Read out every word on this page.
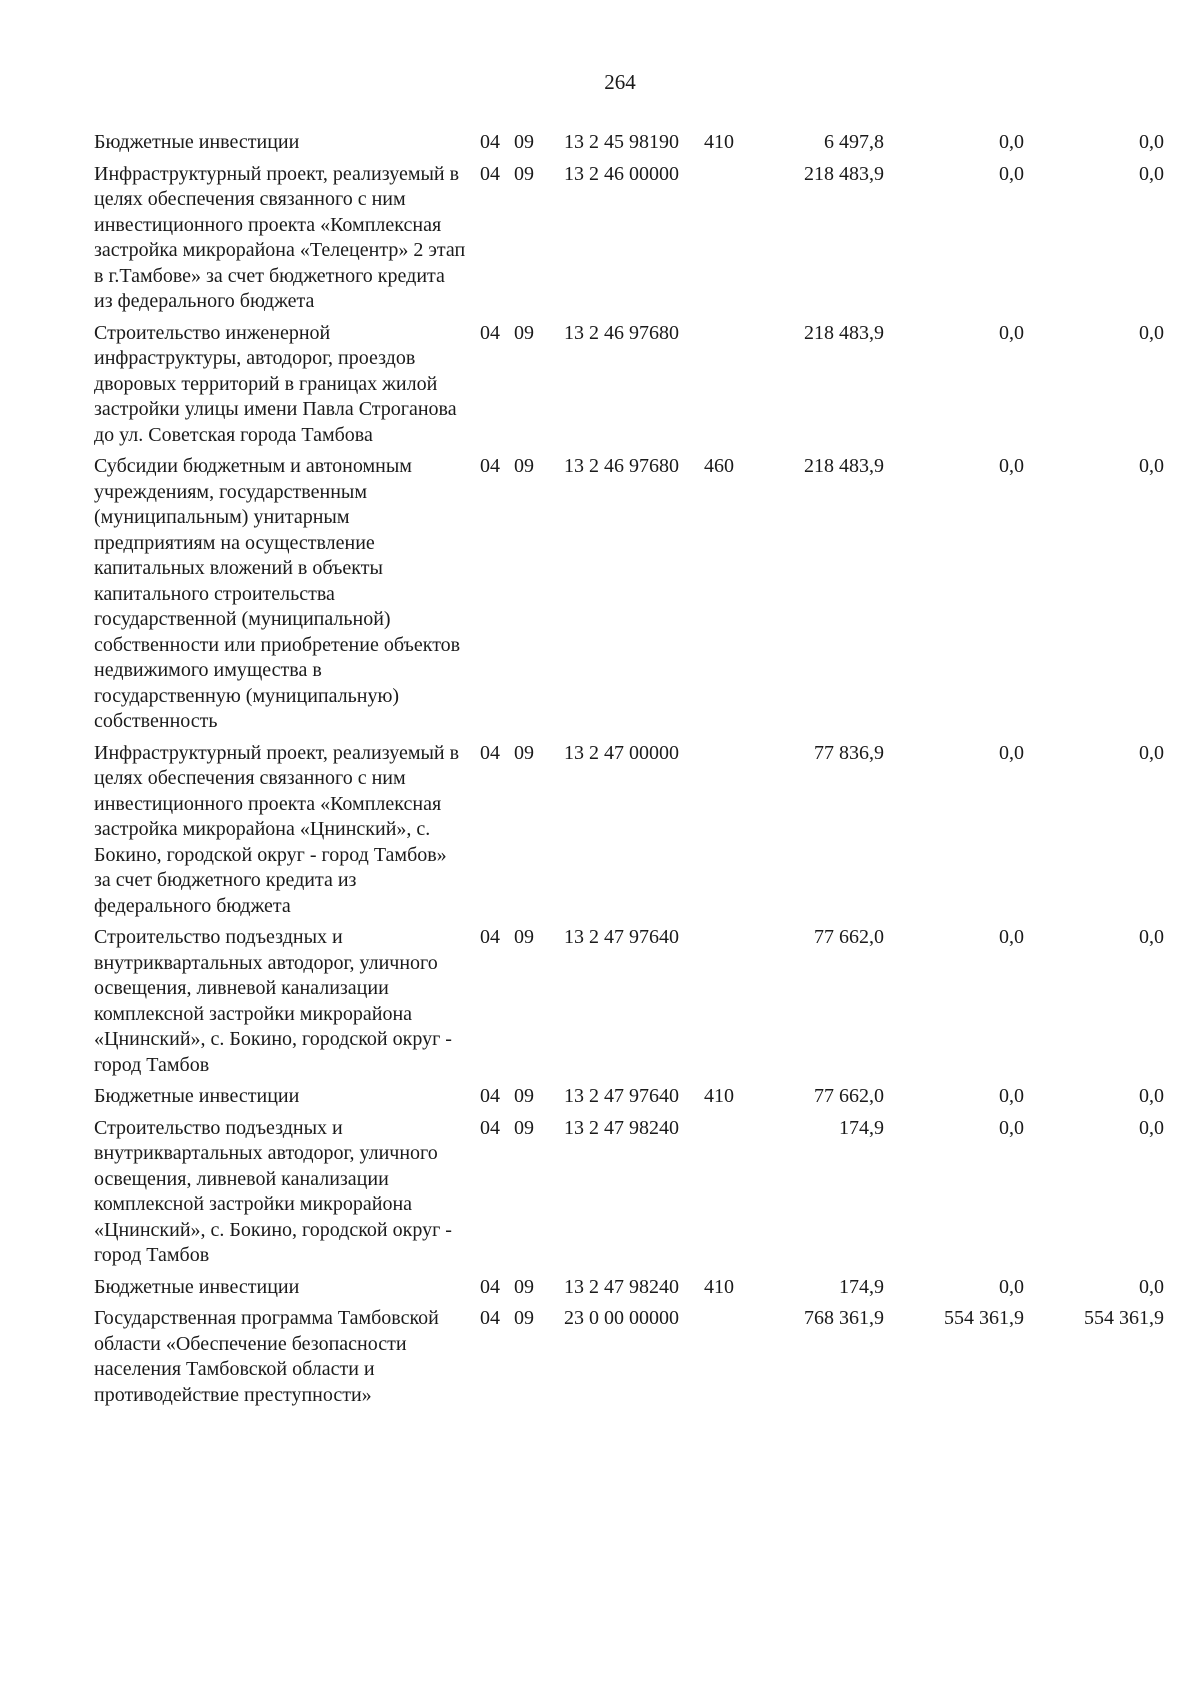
264
Бюджетные инвестиции	04 09 13 2 45 98190 410	6 497,8	0,0	0,0
Инфраструктурный проект, реализуемый в целях обеспечения связанного с ним инвестиционного проекта «Комплексная застройка микрорайона «Телецентр» 2 этап в г.Тамбове» за счет бюджетного кредита из федерального бюджета
04 09 13 2 46 00000	218 483,9	0,0	0,0
Строительство инженерной инфраструктуры, автодорог, проездов дворовых территорий в границах жилой застройки улицы имени Павла Строганова до ул. Советская города Тамбова
04 09 13 2 46 97680	218 483,9	0,0	0,0
Субсидии бюджетным и автономным учреждениям, государственным (муниципальным) унитарным предприятиям на осуществление капитальных вложений в объекты капитального строительства государственной (муниципальной) собственности или приобретение объектов недвижимого имущества в государственную (муниципальную) собственность
04 09 13 2 46 97680 460	218 483,9	0,0	0,0
Инфраструктурный проект, реализуемый в целях обеспечения связанного с ним инвестиционного проекта «Комплексная застройка микрорайона «Цнинский», с. Бокино, городской округ - город Тамбов» за счет бюджетного кредита из федерального бюджета
04 09 13 2 47 00000	77 836,9	0,0	0,0
Строительство подъездных и внутриквартальных автодорог, уличного освещения, ливневой канализации комплексной застройки микрорайона «Цнинский», с. Бокино, городской округ - город Тамбов
04 09 13 2 47 97640	77 662,0	0,0	0,0
Бюджетные инвестиции	04 09 13 2 47 97640 410	77 662,0	0,0	0,0
Строительство подъездных и внутриквартальных автодорог, уличного освещения, ливневой канализации комплексной застройки микрорайона «Цнинский», с. Бокино, городской округ - город Тамбов
04 09 13 2 47 98240	174,9	0,0	0,0
Бюджетные инвестиции	04 09 13 2 47 98240 410	174,9	0,0	0,0
Государственная программа Тамбовской области «Обеспечение безопасности населения Тамбовской области и противодействие преступности»
04 09 23 0 00 00000	768 361,9	554 361,9	554 361,9
